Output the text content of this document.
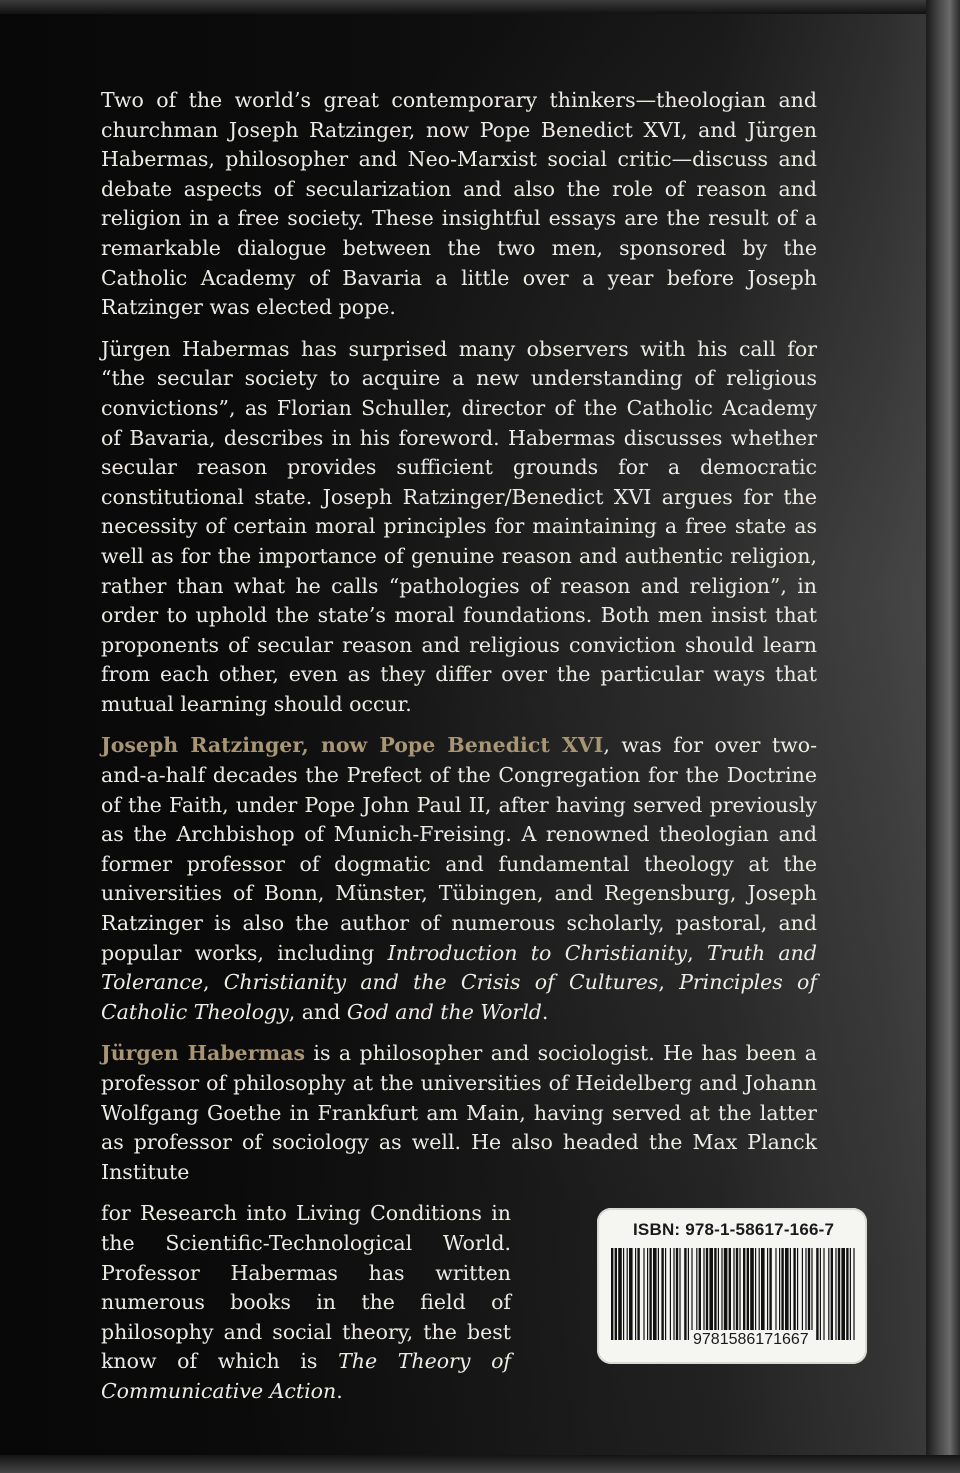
Two of the world’s great contemporary thinkers—theologian and churchman Joseph Ratzinger, now Pope Benedict XVI, and Jürgen Habermas, philosopher and Neo-Marxist social critic—discuss and debate aspects of secularization and also the role of reason and religion in a free society. These insightful essays are the result of a remarkable dialogue between the two men, sponsored by the Catholic Academy of Bavaria a little over a year before Joseph Ratzinger was elected pope.

Jürgen Habermas has surprised many observers with his call for “the secular society to acquire a new understanding of religious convictions”, as Florian Schuller, director of the Catholic Academy of Bavaria, describes in his foreword. Habermas discusses whether secular reason provides sufficient grounds for a democratic constitutional state. Joseph Ratzinger/Benedict XVI argues for the necessity of certain moral principles for maintaining a free state as well as for the importance of genuine reason and authentic religion, rather than what he calls “pathologies of reason and religion”, in order to uphold the state’s moral foundations. Both men insist that proponents of secular reason and religious conviction should learn from each other, even as they differ over the particular ways that mutual learning should occur.

Joseph Ratzinger, now Pope Benedict XVI, was for over two-and-a-half decades the Prefect of the Congregation for the Doctrine of the Faith, under Pope John Paul II, after having served previously as the Archbishop of Munich-Freising. A renowned theologian and former professor of dogmatic and fundamental theology at the universities of Bonn, Münster, Tübingen, and Regensburg, Joseph Ratzinger is also the author of numerous scholarly, pastoral, and popular works, including Introduction to Christianity, Truth and Tolerance, Christianity and the Crisis of Cultures, Principles of Catholic Theology, and God and the World.

Jürgen Habermas is a philosopher and sociologist. He has been a professor of philosophy at the universities of Heidelberg and Johann Wolfgang Goethe in Frankfurt am Main, having served at the latter as professor of sociology as well. He also headed the Max Planck Institute

for Research into Living Conditions in the Scientific-Technological World. Professor Habermas has written numerous books in the field of philosophy and social theory, the best know of which is The Theory of Communicative Action.
ISBN: 978-1-58617-166-7
9781586171667
